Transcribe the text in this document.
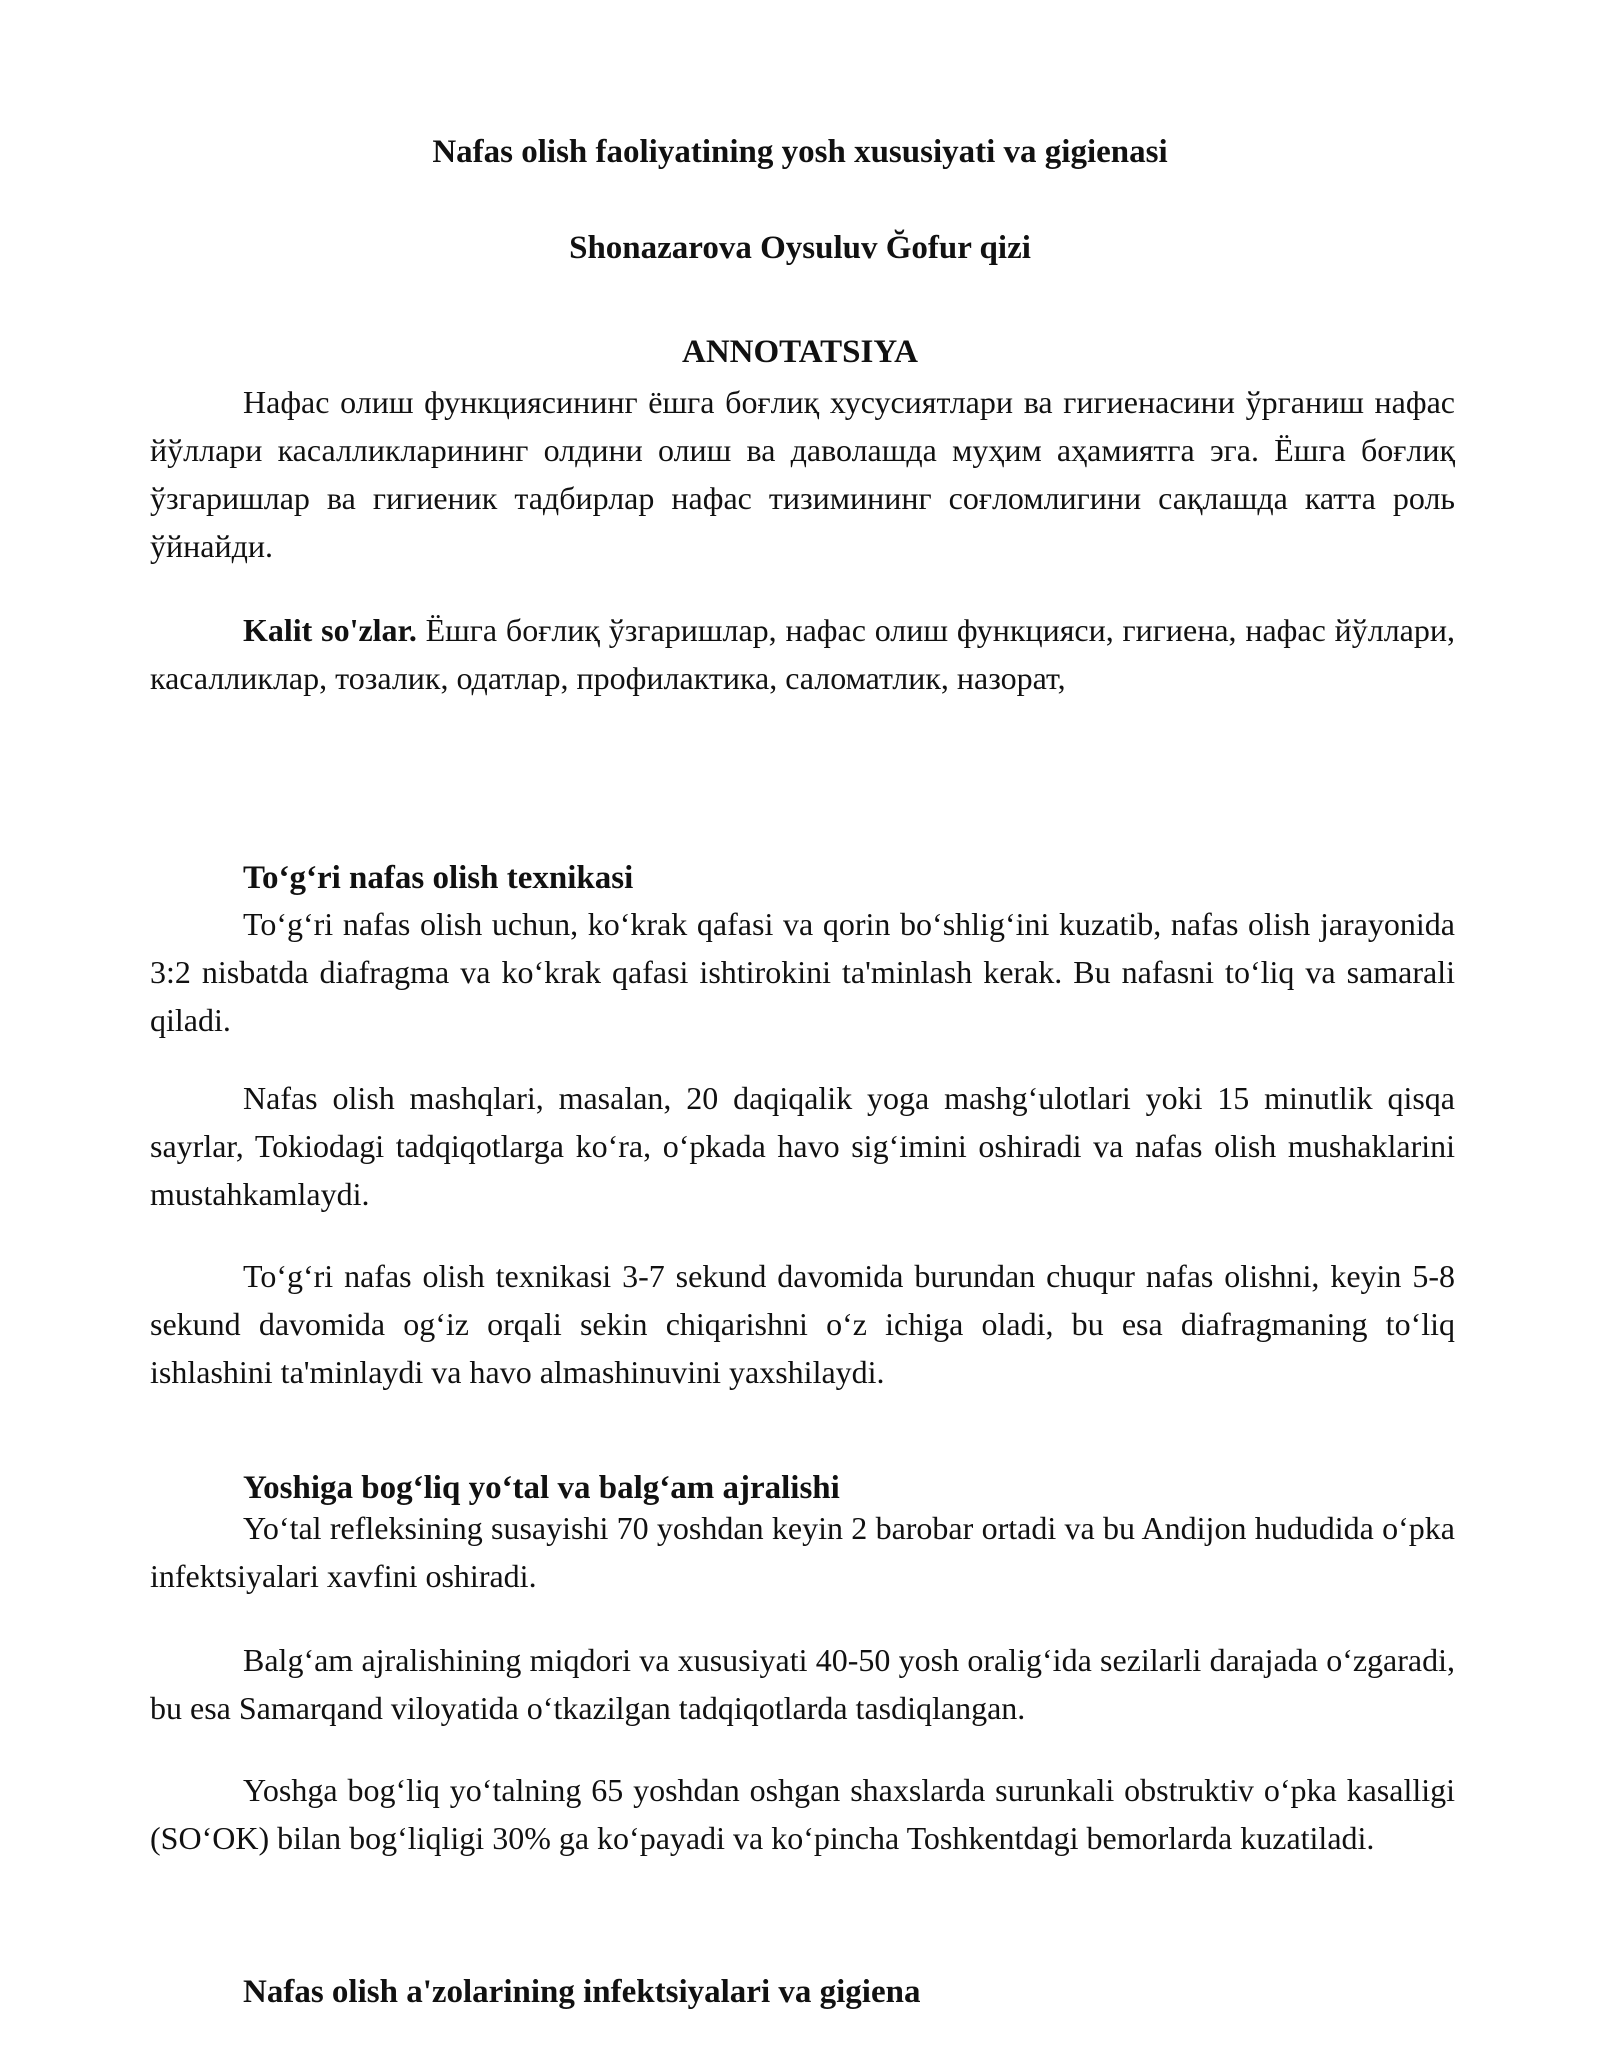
Nafas olish faoliyatining yosh xususiyati va gigienasi

Shonazarova Oysuluv Ğofur qizi

ANNOTATSIYA

Нафас олиш функциясининг ёшга боғлиқ хусусиятлари ва гигиенасини ўрганиш нафас йўллари касалликларининг олдини олиш ва даволашда муҳим аҳамиятга эга. Ёшга боғлиқ ўзгаришлар ва гигиеник тадбирлар нафас тизимининг соғломлигини сақлашда катта роль ўйнайди.

Kalit so'zlar. Ёшга боғлиқ ўзгаришлар, нафас олиш функцияси, гигиена, нафас йўллари, касалликлар, тозалик, одатлар, профилактика, саломатлик, назорат,

To‘g‘ri nafas olish texnikasi

To‘g‘ri nafas olish uchun, ko‘krak qafasi va qorin bo‘shlig‘ini kuzatib, nafas olish jarayonida 3:2 nisbatda diafragma va ko‘krak qafasi ishtirokini ta'minlash kerak. Bu nafasni to‘liq va samarali qiladi.

Nafas olish mashqlari, masalan, 20 daqiqalik yoga mashg‘ulotlari yoki 15 minutlik qisqa sayrlar, Tokiodagi tadqiqotlarga ko‘ra, o‘pkada havo sig‘imini oshiradi va nafas olish mushaklarini mustahkamlaydi.

To‘g‘ri nafas olish texnikasi 3-7 sekund davomida burundan chuqur nafas olishni, keyin 5-8 sekund davomida og‘iz orqali sekin chiqarishni o‘z ichiga oladi, bu esa diafragmaning to‘liq ishlashini ta'minlaydi va havo almashinuvini yaxshilaydi.

Yoshiga bog‘liq yo‘tal va balg‘am ajralishi

Yo‘tal refleksining susayishi 70 yoshdan keyin 2 barobar ortadi va bu Andijon hududida o‘pka infektsiyalari xavfini oshiradi.

Balg‘am ajralishining miqdori va xususiyati 40-50 yosh oralig‘ida sezilarli darajada o‘zgaradi, bu esa Samarqand viloyatida o‘tkazilgan tadqiqotlarda tasdiqlangan.

Yoshga bog‘liq yo‘talning 65 yoshdan oshgan shaxslarda surunkali obstruktiv o‘pka kasalligi (SO‘OK) bilan bog‘liqligi 30% ga ko‘payadi va ko‘pincha Toshkentdagi bemorlarda kuzatiladi.

Nafas olish a'zolarining infektsiyalari va gigiena
